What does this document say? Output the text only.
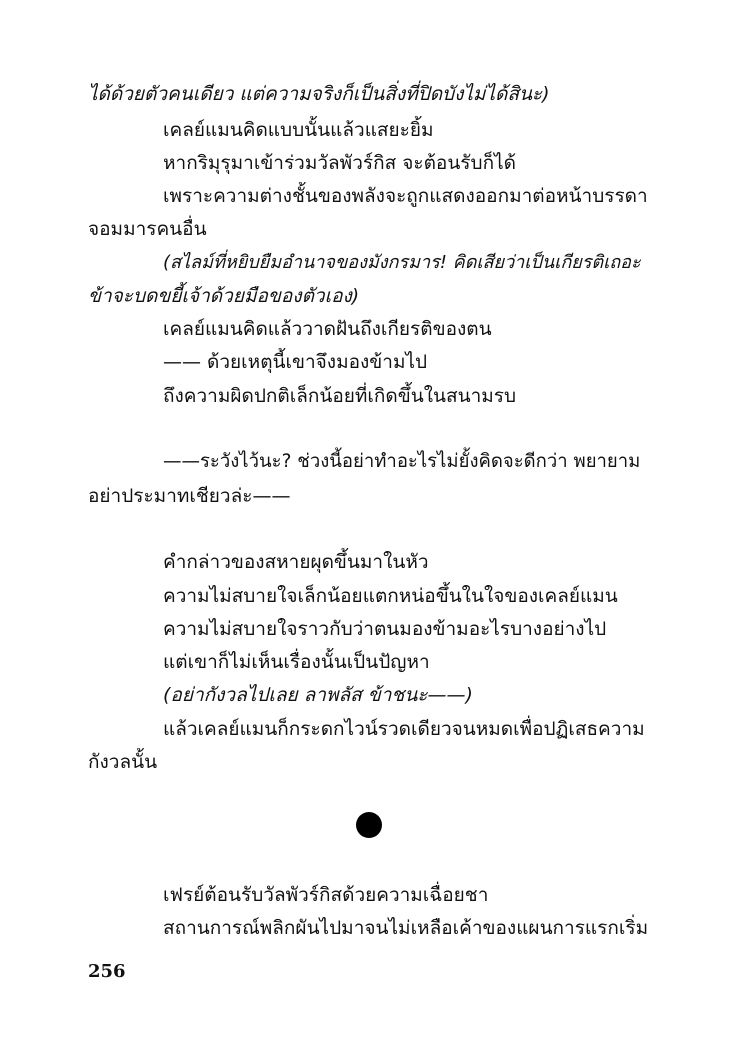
ได้ด้วยตัวคนเดียว แต่ความจริงก็เป็นสิ่งที่ปิดบังไม่ได้สินะ)
เคลย์แมนคิดแบบนั้นแล้วแสยะยิ้ม
หากริมุรุมาเข้าร่วมวัลพัวร์กิส จะต้อนรับก็ได้
เพราะความต่างชั้นของพลังจะถูกแสดงออกมาต่อหน้าบรรดา
จอมมารคนอื่น
(สไลม์ที่หยิบยืมอำนาจของมังกรมาร! คิดเสียว่าเป็นเกียรติเถอะ
ข้าจะบดขยี้เจ้าด้วยมือของตัวเอง)
เคลย์แมนคิดแล้ววาดฝันถึงเกียรติของตน
—— ด้วยเหตุนี้เขาจึงมองข้ามไป
ถึงความผิดปกติเล็กน้อยที่เกิดขึ้นในสนามรบ
——ระวังไว้นะ? ช่วงนี้อย่าทำอะไรไม่ยั้งคิดจะดีกว่า พยายาม
อย่าประมาทเชียวล่ะ——
คำกล่าวของสหายผุดขึ้นมาในหัว
ความไม่สบายใจเล็กน้อยแตกหน่อขึ้นในใจของเคลย์แมน
ความไม่สบายใจราวกับว่าตนมองข้ามอะไรบางอย่างไป
แต่เขาก็ไม่เห็นเรื่องนั้นเป็นปัญหา
(อย่ากังวลไปเลย ลาพลัส ข้าชนะ——)
แล้วเคลย์แมนก็กระดกไวน์รวดเดียวจนหมดเพื่อปฏิเสธความ
กังวลนั้น
เฟรย์ต้อนรับวัลพัวร์กิสด้วยความเฉื่อยชา
สถานการณ์พลิกผันไปมาจนไม่เหลือเค้าของแผนการแรกเริ่ม
256
